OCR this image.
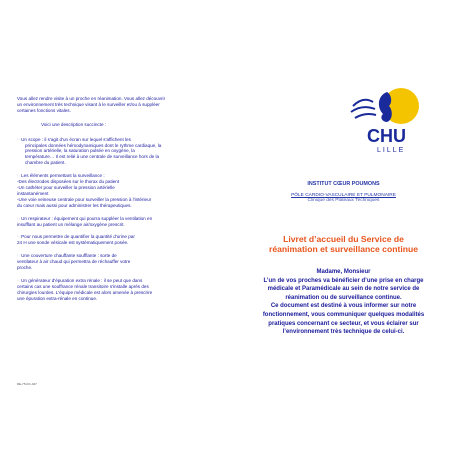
Vous allez rendre visite à un proche en réanimation. Vous allez découvrir
un environnement très technique visant à le surveiller et/ou à suppléer
certaines fonctions vitales.

Voici une description succincte :

☞Un scope : il s'agit d'un écran sur lequel s'affichent les
principales données hémodynamiques dont le rythme cardiaque, la
pression artérielle, la saturation pulsée en oxygène, la
température… Il est relié à une centrale de surveillance hors de la
chambre du patient.
☞Les éléments permettant la surveillance :
-Des électrodes disposées sur le thorax du patient
-Un cathéter pour surveiller la pression artérielle
instantanément
-Une voie veineuse centrale pour surveiller la pression à l'intérieur
du cœur mais aussi pour administrer les thérapeutiques.
☞Un respirateur : équipement qui pourra suppléer la ventilation en
insufflant au patient un mélange air/oxygène prescrit.
☞Pour nous permettre de quantifier la quantité d'urine par
24 H une sonde vésicale est systématiquement posée.
☞Une couverture chauffante soufflante : sorte de
ventilateur à air chaud qui permettra de réchauffer votre
proche.
☞Un générateur d'épuration extra rénale : il se peut que dans
certains cas une souffrance rénale transitoire s'installe après des
chirurgies lourdes. L'équipe médicale est alors amenée à prescrire
une épuration extra-rénale en continue.
RE-75-DC-047
CHU
LILLE
INSTITUT CŒUR POUMONS
PÔLE CARDIO-VASCULAIRE ET PULMONAIRE
Clinique des Plateaux Techniques
Livret d’accueil du Service de
réanimation et surveillance continue
Madame, Monsieur
L’un de vos proches va bénéficier d’une prise en charge
médicale et Paramédicale au sein de notre service de
réanimation ou de surveillance continue.
Ce document est destiné à vous informer sur notre
fonctionnement, vous communiquer quelques modalités
pratiques concernant ce secteur, et vous éclairer sur
l’environnement très technique de celui-ci.
